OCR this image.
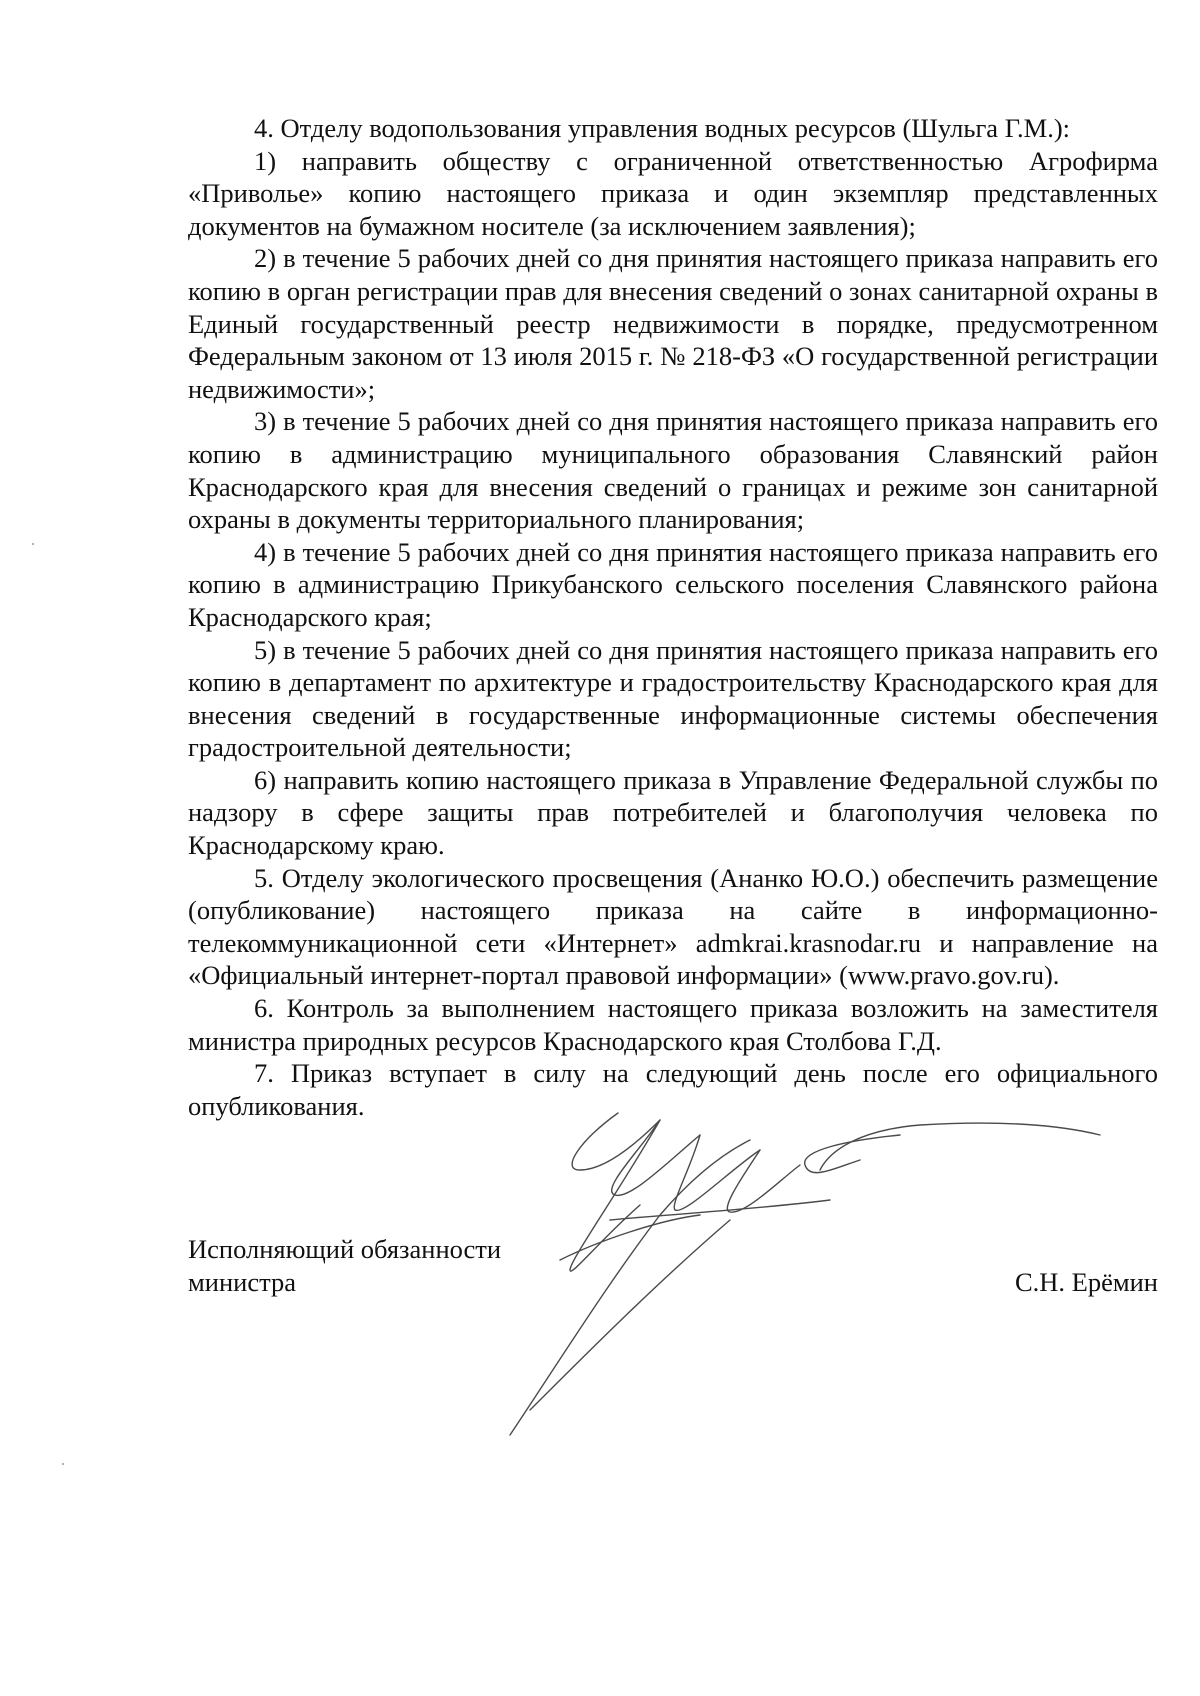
4. Отделу водопользования управления водных ресурсов (Шульга Г.М.):

1) направить обществу с ограниченной ответственностью Агрофирма «Приволье» копию настоящего приказа и один экземпляр представленных документов на бумажном носителе (за исключением заявления);

2) в течение 5 рабочих дней со дня принятия настоящего приказа направить его копию в орган регистрации прав для внесения сведений о зонах санитарной охраны в Единый государственный реестр недвижимости в порядке, предусмотренном Федеральным законом от 13 июля 2015 г. № 218-ФЗ «О государственной регистрации недвижимости»;

3) в течение 5 рабочих дней со дня принятия настоящего приказа направить его копию в администрацию муниципального образования Славянский район Краснодарского края для внесения сведений о границах и режиме зон санитарной охраны в документы территориального планирования;

4) в течение 5 рабочих дней со дня принятия настоящего приказа направить его копию в администрацию Прикубанского сельского поселения Славянского района Краснодарского края;

5) в течение 5 рабочих дней со дня принятия настоящего приказа направить его копию в департамент по архитектуре и градостроительству Краснодарского края для внесения сведений в государственные информационные системы обеспечения градостроительной деятельности;

6) направить копию настоящего приказа в Управление Федеральной службы по надзору в сфере защиты прав потребителей и благополучия человека по Краснодарскому краю.

5. Отделу экологического просвещения (Ананко Ю.О.) обеспечить размещение (опубликование) настоящего приказа на сайте в информационно-телекоммуникационной сети «Интернет» admkrai.krasnodar.ru и направление на «Официальный интернет-портал правовой информации» (www.pravo.gov.ru).

6. Контроль за выполнением настоящего приказа возложить на заместителя министра природных ресурсов Краснодарского края Столбова Г.Д.

7. Приказ вступает в силу на следующий день после его официального опубликования.

Исполняющий обязанности
министра	С.Н. Ерёмин
